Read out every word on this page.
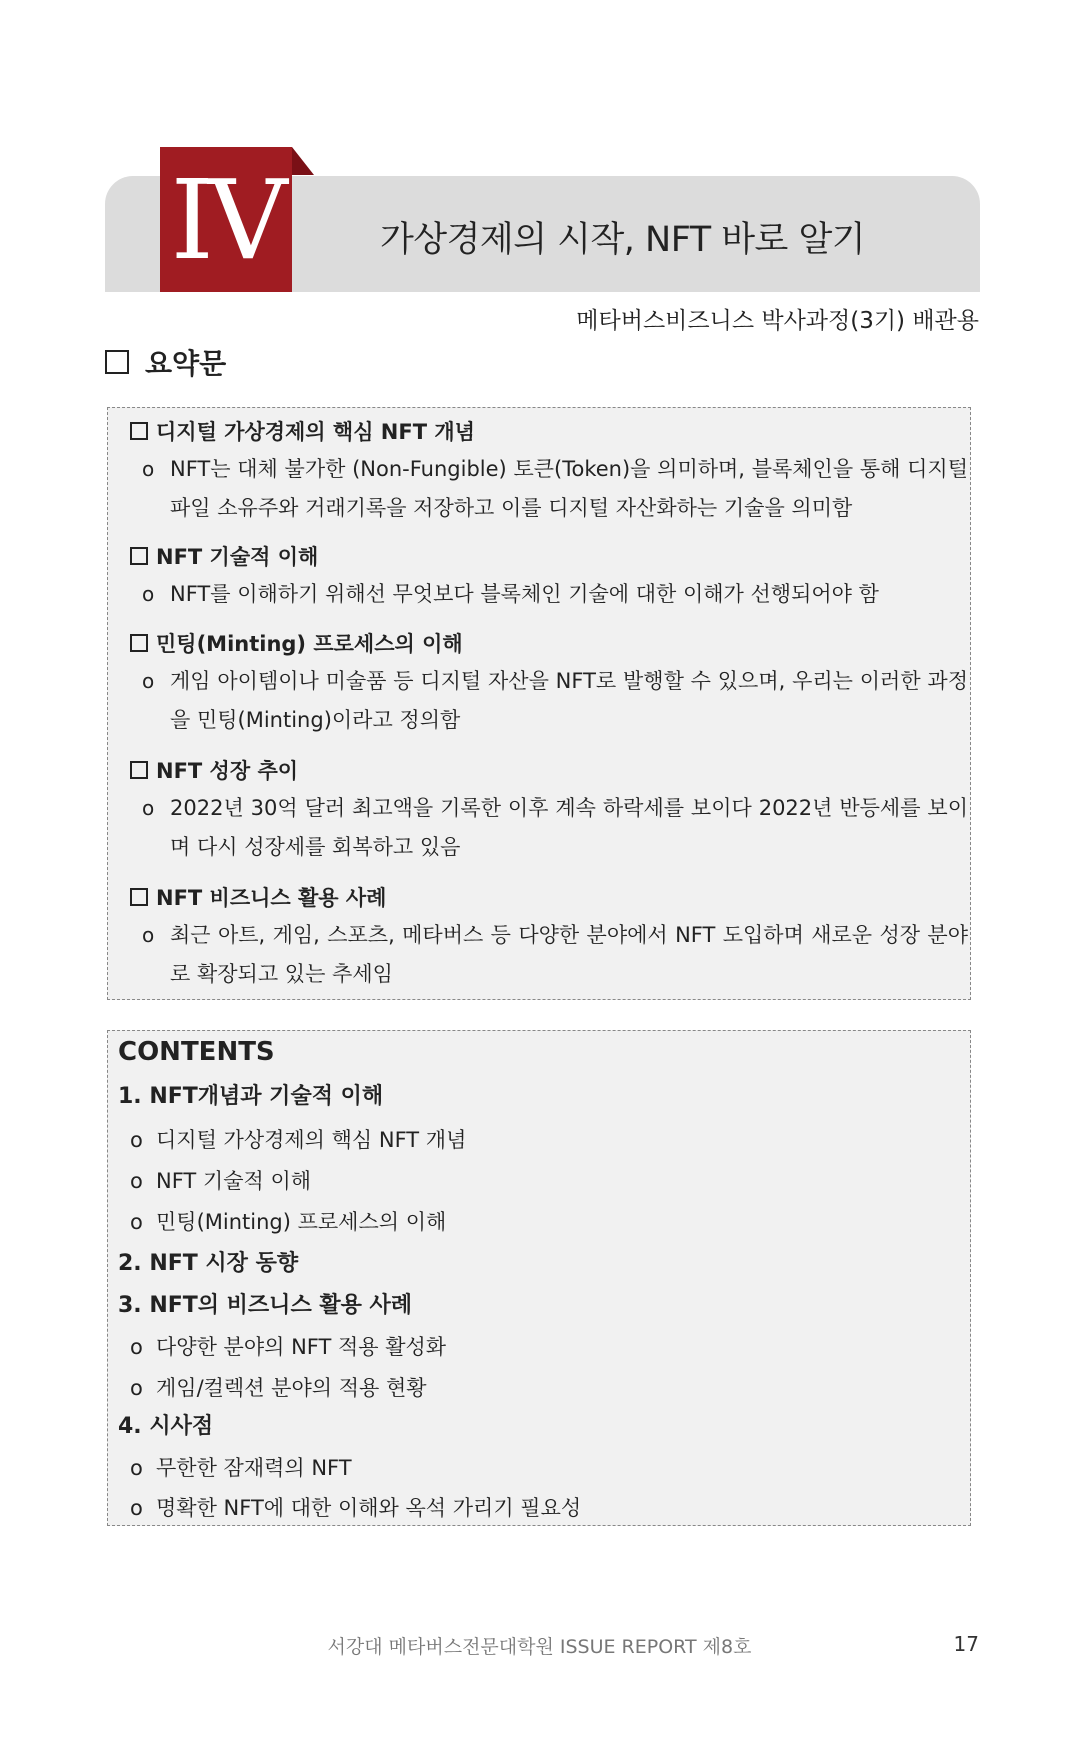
IV	가상경제의 시작, NFT 바로 알기
메타버스비즈니스 박사과정(3기) 배관용
요약문
디지털 가상경제의 핵심 NFT 개념
o NFT는 대체 불가한 (Non-Fungible) 토큰(Token)을 의미하며, 블록체인을 통해 디지털 파일 소유주와 거래기록을 저장하고 이를 디지털 자산화하는 기술을 의미함
NFT 기술적 이해
o NFT를 이해하기 위해선 무엇보다 블록체인 기술에 대한 이해가 선행되어야 함
민팅(Minting) 프로세스의 이해
o 게임 아이템이나 미술품 등 디지털 자산을 NFT로 발행할 수 있으며, 우리는 이러한 과정을 민팅(Minting)이라고 정의함
NFT 성장 추이
o 2022년 30억 달러 최고액을 기록한 이후 계속 하락세를 보이다 2022년 반등세를 보이며 다시 성장세를 회복하고 있음
NFT 비즈니스 활용 사례
o 최근 아트, 게임, 스포츠, 메타버스 등 다양한 분야에서 NFT 도입하며 새로운 성장 분야로 확장되고 있는 추세임
CONTENTS
1. NFT개념과 기술적 이해
o 디지털 가상경제의 핵심 NFT 개념
o NFT 기술적 이해
o 민팅(Minting) 프로세스의 이해
2. NFT 시장 동향
3. NFT의 비즈니스 활용 사례
o 다양한 분야의 NFT 적용 활성화
o 게임/컬렉션 분야의 적용 현황
4. 시사점
o 무한한 잠재력의 NFT
o 명확한 NFT에 대한 이해와 옥석 가리기 필요성
서강대 메타버스전문대학원 ISSUE REPORT 제8호	17
